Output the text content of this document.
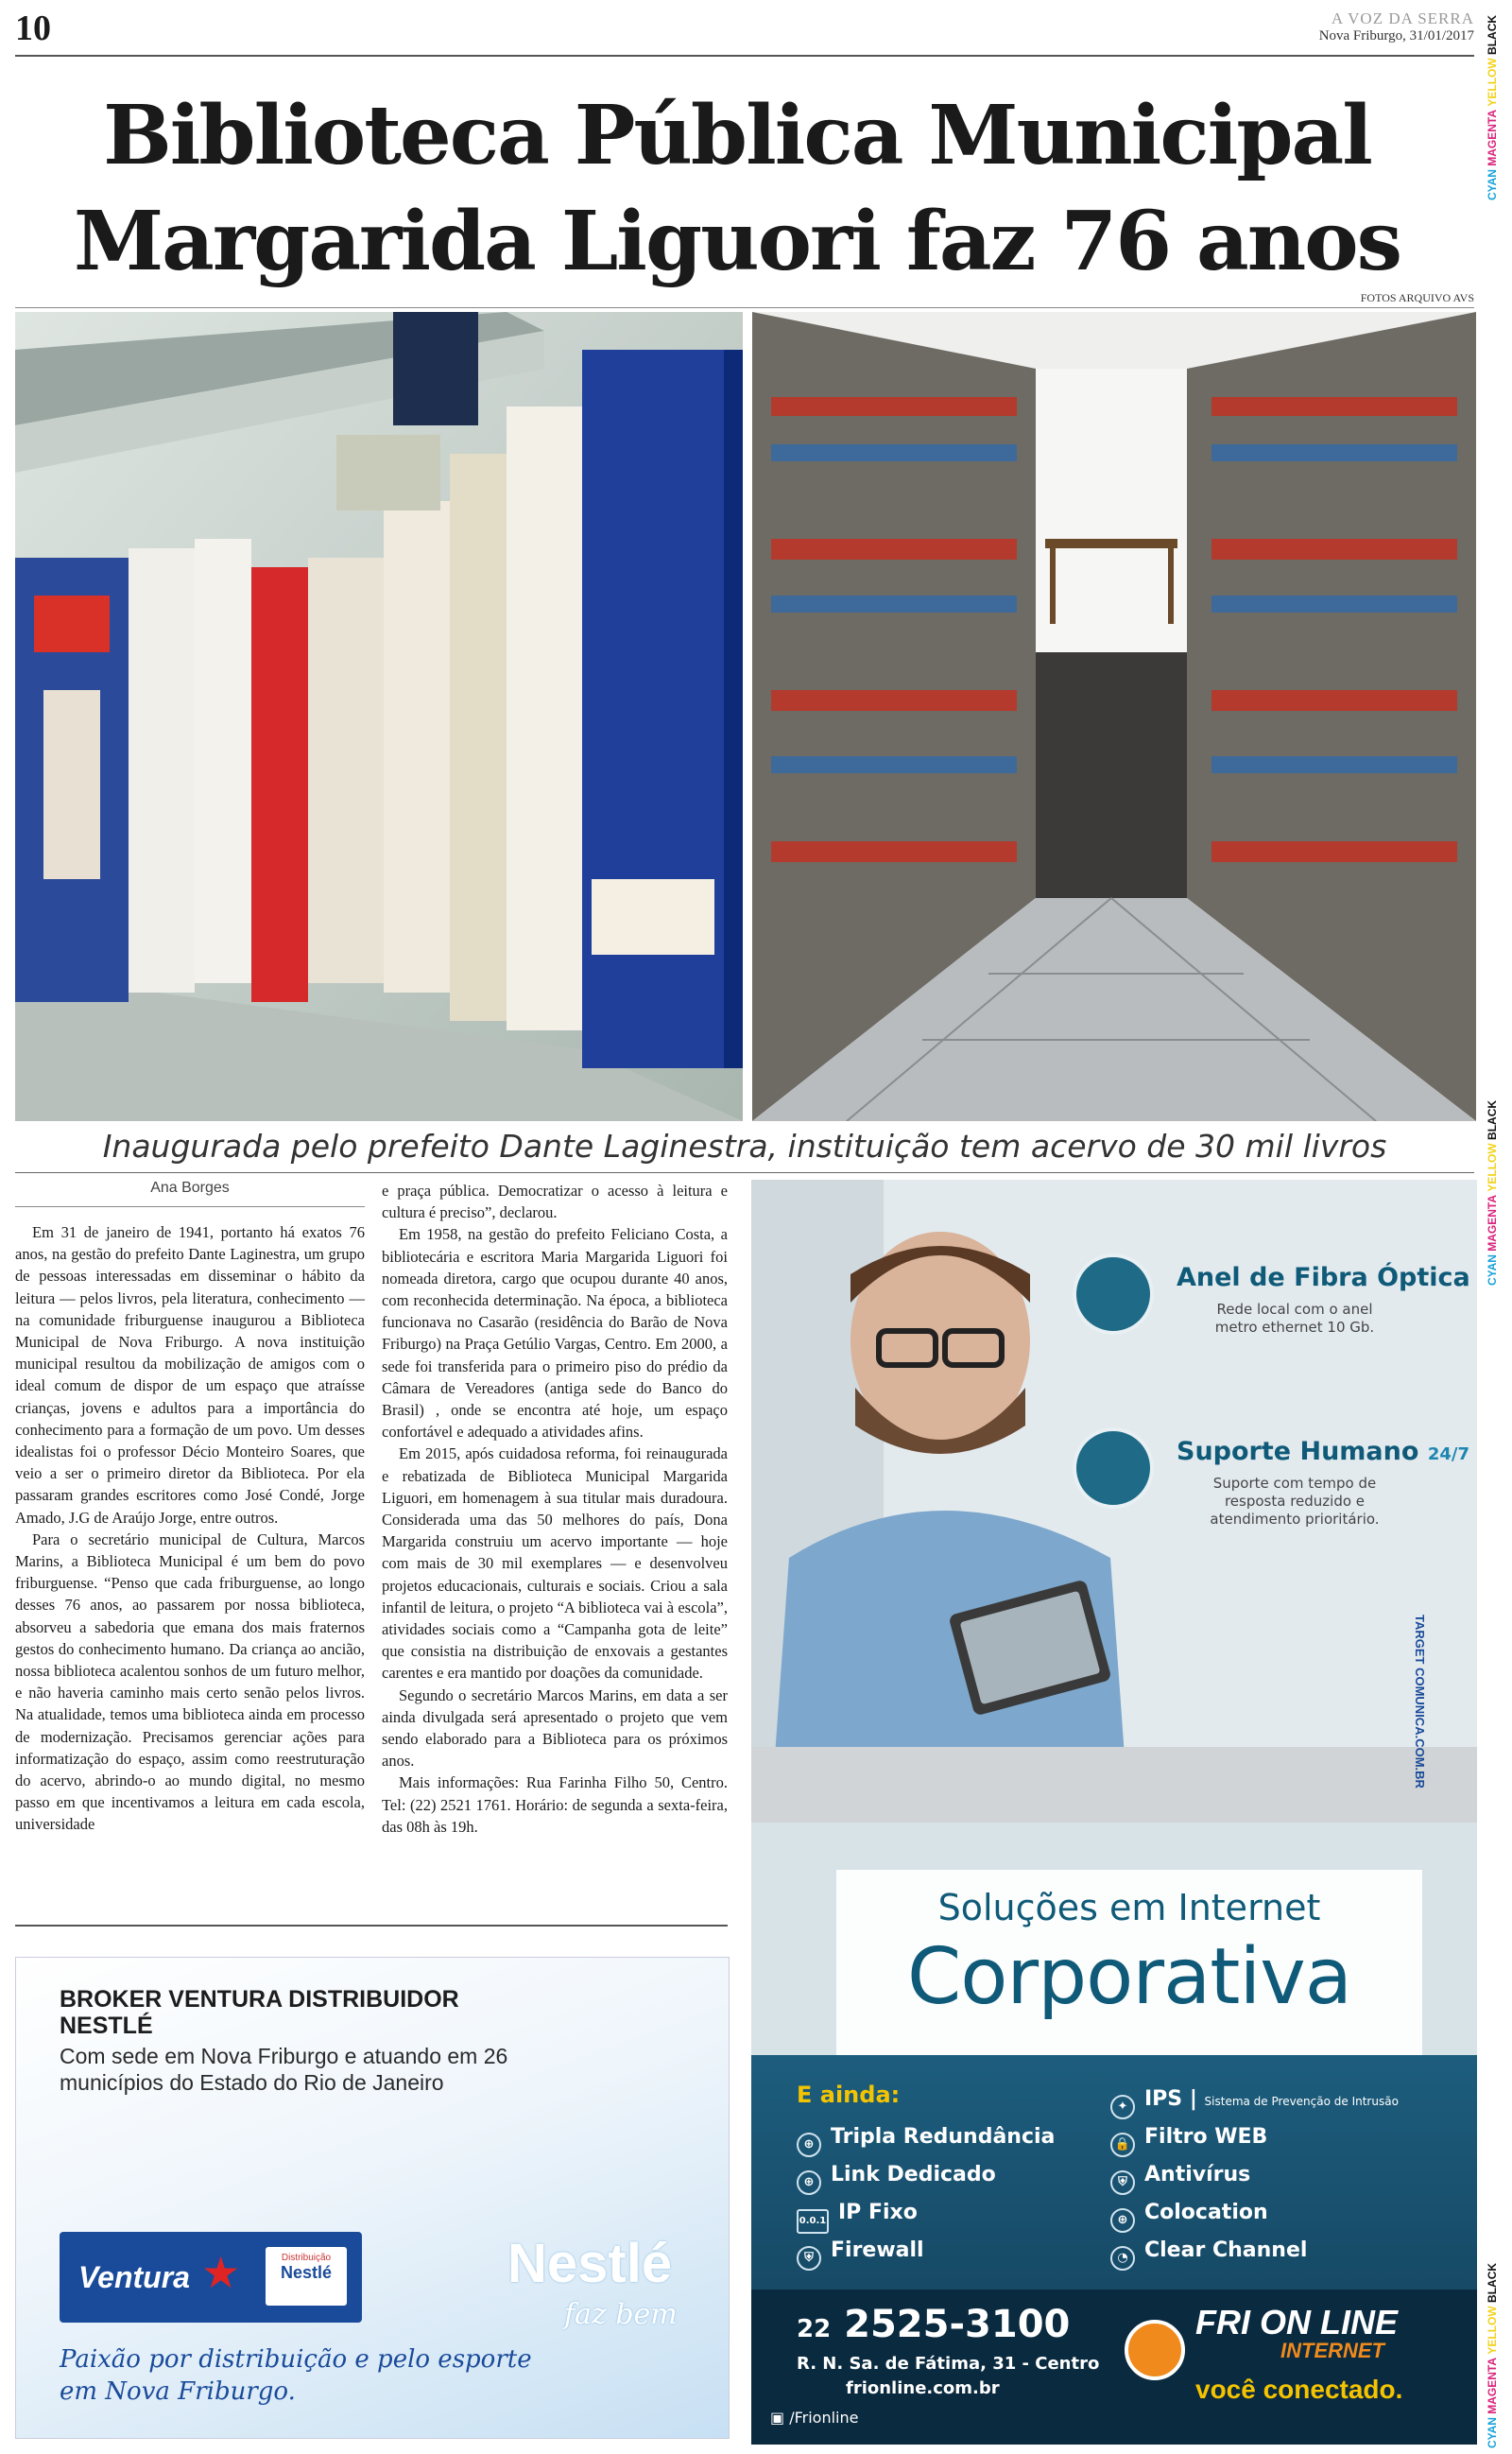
10	A VOZ DA SERRA
Nova Friburgo, 31/01/2017
CYAN MAGENTA YELLOW BLACK
CYAN MAGENTA YELLOW BLACK
CYAN MAGENTA YELLOW BLACK
Biblioteca Pública Municipal
Margarida Liguori faz 76 anos
FOTOS ARQUIVO AVS
Inaugurada pelo prefeito Dante Laginestra, instituição tem acervo de 30 mil livros
Ana Borges

Em 31 de janeiro de 1941, portanto há exatos 76 anos, na gestão do prefeito Dante Laginestra, um grupo de pessoas interessadas em disseminar o hábito da leitura — pelos livros, pela literatura, conhecimento — na comunidade friburguense inaugurou a Biblioteca Municipal de Nova Friburgo. A nova instituição municipal resultou da mobilização de amigos com o ideal comum de dispor de um espaço que atraísse crianças, jovens e adultos para a importância do conhecimento para a formação de um povo. Um desses idealistas foi o professor Décio Monteiro Soares, que veio a ser o primeiro diretor da Biblioteca. Por ela passaram grandes escritores como José Condé, Jorge Amado, J.G de Araújo Jorge, entre outros.

Para o secretário municipal de Cultura, Marcos Marins, a Biblioteca Municipal é um bem do povo friburguense. “Penso que cada friburguense, ao longo desses 76 anos, ao passarem por nossa biblioteca, absorveu a sabedoria que emana dos mais fraternos gestos do conhecimento humano. Da criança ao ancião, nossa biblioteca acalentou sonhos de um futuro melhor, e não haveria caminho mais certo senão pelos livros. Na atualidade, temos uma biblioteca ainda em processo de modernização. Precisamos gerenciar ações para informatização do espaço, assim como reestruturação do acervo, abrindo-o ao mundo digital, no mesmo passo em que incentivamos a leitura em cada escola, universidade

e praça pública. Democratizar o acesso à leitura e cultura é preciso”, declarou.

Em 1958, na gestão do prefeito Feliciano Costa, a bibliotecária e escritora Maria Margarida Liguori foi nomeada diretora, cargo que ocupou durante 40 anos, com reconhecida determinação. Na época, a biblioteca funcionava no Casarão (residência do Barão de Nova Friburgo) na Praça Getúlio Vargas, Centro. Em 2000, a sede foi transferida para o primeiro piso do prédio da Câmara de Vereadores (antiga sede do Banco do Brasil) , onde se encontra até hoje, um espaço confortável e adequado a atividades afins.

Em 2015, após cuidadosa reforma, foi reinaugurada e rebatizada de Biblioteca Municipal Margarida Liguori, em homenagem à sua titular mais duradoura. Considerada uma das 50 melhores do país, Dona Margarida construiu um acervo importante — hoje com mais de 30 mil exemplares — e desenvolveu projetos educacionais, culturais e sociais. Criou a sala infantil de leitura, o projeto “A biblioteca vai à escola”, atividades sociais como a “Campanha gota de leite” que consistia na distribuição de enxovais a gestantes carentes e era mantido por doações da comunidade.

Segundo o secretário Marcos Marins, em data a ser ainda divulgada será apresentado o projeto que vem sendo elaborado para a Biblioteca para os próximos anos.

Mais informações: Rua Farinha Filho 50, Centro. Tel: (22) 2521 1761. Horário: de segunda a sexta-feira, das 08h às 19h.

BROKER VENTURA DISTRIBUIDOR NESTLÉ
Com sede em Nova Friburgo e atuando em 26 municípios do Estado do Rio de Janeiro
Ventura ★	Distribuição
Nestlé
Paixão por distribuição e pelo esporte em Nova Friburgo.
Nestlé
faz bem
Anel de Fibra Óptica
Rede local com o anel metro ethernet 10 Gb.
Suporte Humano 24/7
Suporte com tempo de resposta reduzido e atendimento prioritário.
TARGET COMUNICA.COM.BR
Soluções em Internet
Corporativa
E ainda:
⊕ Tripla Redundância
⊕ Link Dedicado
0.0.1 IP Fixo
⛨ Firewall
✦ IPS | Sistema de Prevenção de Intrusão
🔒 Filtro WEB
⛨ Antivírus
⊕ Colocation
◔ Clear Channel
22 2525-3100
R. N. Sa. de Fátima, 31 - Centro
frionline.com.br
▣ /Frionline
FRI ON LINE
INTERNET
você conectado.
